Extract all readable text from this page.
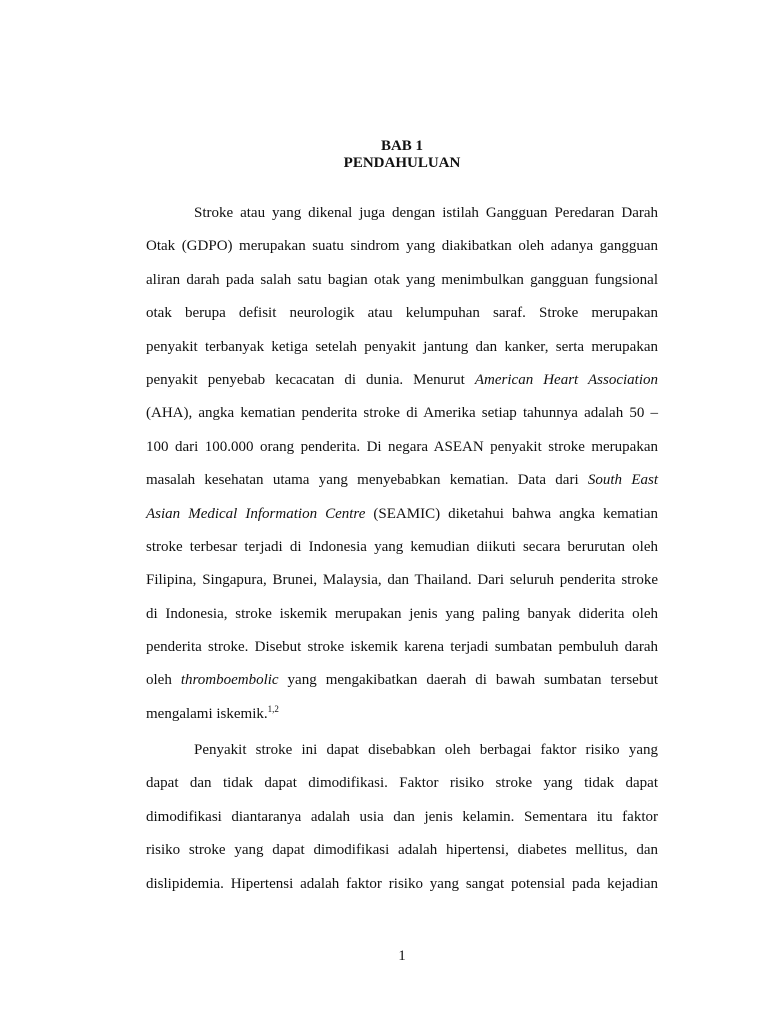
BAB 1
PENDAHULUAN
Stroke atau yang dikenal juga dengan istilah Gangguan Peredaran Darah
Otak (GDPO) merupakan suatu sindrom yang diakibatkan oleh adanya gangguan
aliran darah pada salah satu bagian otak yang menimbulkan gangguan fungsional
otak berupa defisit neurologik atau kelumpuhan saraf. Stroke merupakan
penyakit terbanyak ketiga setelah penyakit jantung dan kanker, serta merupakan
penyakit penyebab kecacatan di dunia. Menurut American Heart Association
(AHA), angka kematian penderita stroke di Amerika setiap tahunnya adalah 50 –
100 dari 100.000 orang penderita. Di negara ASEAN penyakit stroke merupakan
masalah kesehatan utama yang menyebabkan kematian. Data dari South East
Asian Medical Information Centre (SEAMIC) diketahui bahwa angka kematian
stroke terbesar terjadi di Indonesia yang kemudian diikuti secara berurutan oleh
Filipina, Singapura, Brunei, Malaysia, dan Thailand. Dari seluruh penderita stroke
di Indonesia, stroke iskemik merupakan jenis yang paling banyak diderita oleh
penderita stroke. Disebut stroke iskemik karena terjadi sumbatan pembuluh darah
oleh thromboembolic yang mengakibatkan daerah di bawah sumbatan tersebut
mengalami iskemik.$^{1,2}$
Penyakit stroke ini dapat disebabkan oleh berbagai faktor risiko yang
dapat dan tidak dapat dimodifikasi. Faktor risiko stroke yang tidak dapat
dimodifikasi diantaranya adalah usia dan jenis kelamin. Sementara itu faktor
risiko stroke yang dapat dimodifikasi adalah hipertensi, diabetes mellitus, dan
dislipidemia. Hipertensi adalah faktor risiko yang sangat potensial pada kejadian
1
